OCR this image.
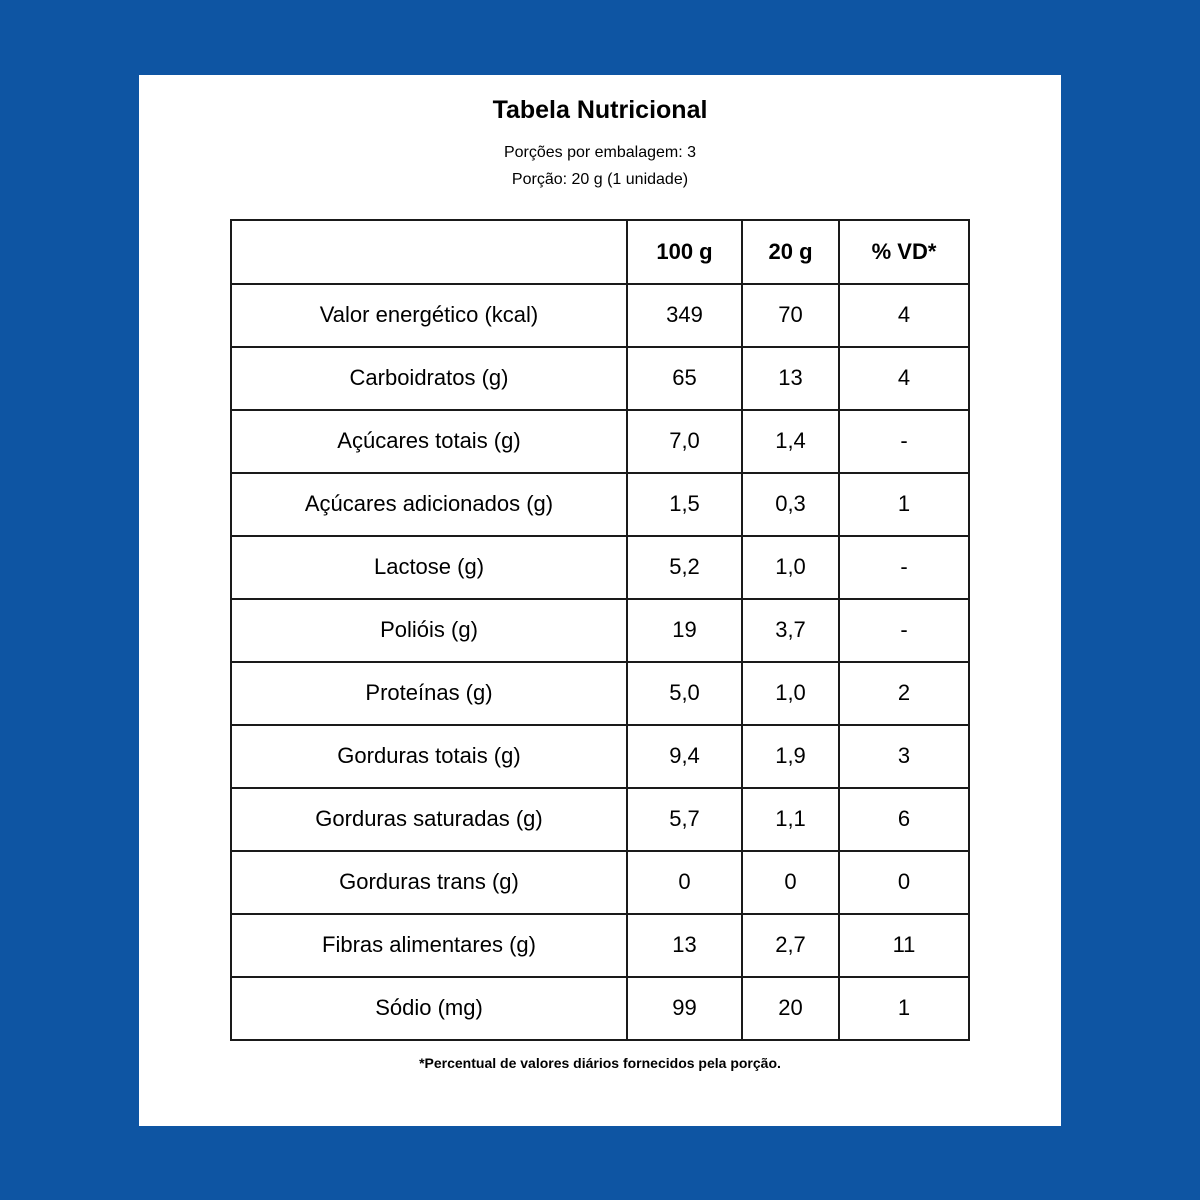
Tabela Nutricional
Porções por embalagem: 3
Porção: 20 g (1 unidade)
	100 g	20 g	% VD*
Valor energético (kcal)	349	70	4
Carboidratos (g)	65	13	4
Açúcares totais (g)	7,0	1,4	-
Açúcares adicionados (g)	1,5	0,3	1
Lactose (g)	5,2	1,0	-
Polióis (g)	19	3,7	-
Proteínas (g)	5,0	1,0	2
Gorduras totais (g)	9,4	1,9	3
Gorduras saturadas (g)	5,7	1,1	6
Gorduras trans (g)	0	0	0
Fibras alimentares (g)	13	2,7	11
Sódio (mg)	99	20	1
*Percentual de valores diários fornecidos pela porção.
